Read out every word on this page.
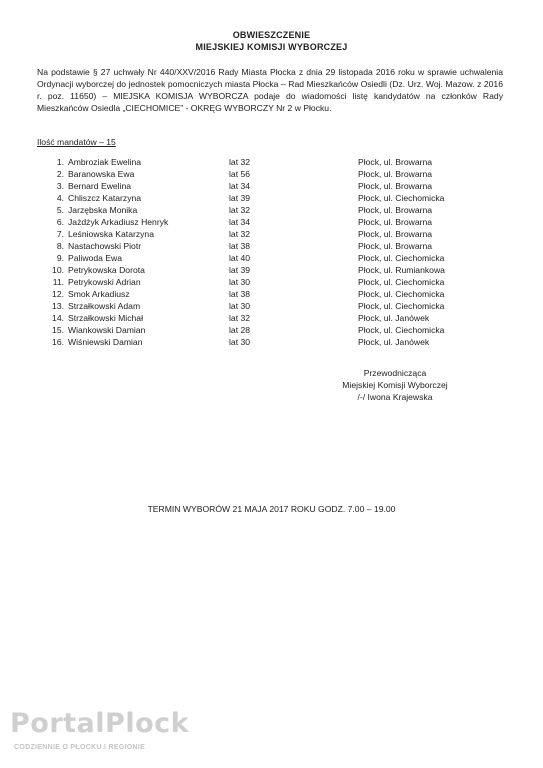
OBWIESZCZENIE
MIEJSKIEJ KOMISJI WYBORCZEJ
Na podstawie § 27 uchwały Nr 440/XXV/2016 Rady Miasta Płocka z dnia 29 listopada 2016 roku w sprawie uchwalenia Ordynacji wyborczej do jednostek pomocniczych miasta Płocka – Rad Mieszkańców Osiedli (Dz. Urz. Woj. Mazow. z 2016 r. poz. 11650) – MIEJSKA KOMISJA WYBORCZA podaje do wiadomości listę kandydatów na członków Rady Mieszkańców Osiedla „CIECHOMICE” - OKRĘG WYBORCZY Nr 2 w Płocku.
Ilość mandatów – 15
1. Ambroziak Ewelina	lat 32	Płock, ul. Browarna
2. Baranowska Ewa	lat 56	Płock, ul. Browarna
3. Bernard Ewelina	lat 34	Płock, ul. Browarna
4. Chliszcz Katarzyna	lat 39	Płock, ul. Ciechomicka
5. Jarzębska Monika	lat 32	Płock, ul. Browarna
6. Jażdżyk Arkadiusz Henryk	lat 34	Płock, ul. Browarna
7. Leśniowska Katarzyna	lat 32	Płock, ul. Browarna
8. Nastachowski Piotr	lat 38	Płock, ul. Browarna
9. Paliwoda Ewa	lat 40	Płock, ul. Ciechomicka
10. Petrykowska Dorota	lat 39	Płock, ul. Rumiankowa
11. Petrykowski Adrian	lat 30	Płock, ul. Ciechomicka
12. Smok Arkadiusz	lat 38	Płock, ul. Ciechomicka
13. Strzałkowski Adam	lat 30	Płock, ul. Ciechomicka
14. Strzałkowski Michał	lat 32	Płock, ul. Janówek
15. Wiankowski Damian	lat 28	Płock, ul. Ciechomicka
16. Wiśniewski Damian	lat 30	Płock, ul. Janówek
Przewodnicząca
Miejskiej Komisji Wyborczej
/-/ Iwona Krajewska
TERMIN WYBORÓW 21 MAJA 2017 ROKU GODZ. 7.00 – 19.00
PortalPlock
CODZIENNIE O PŁOCKU I REGIONIE
